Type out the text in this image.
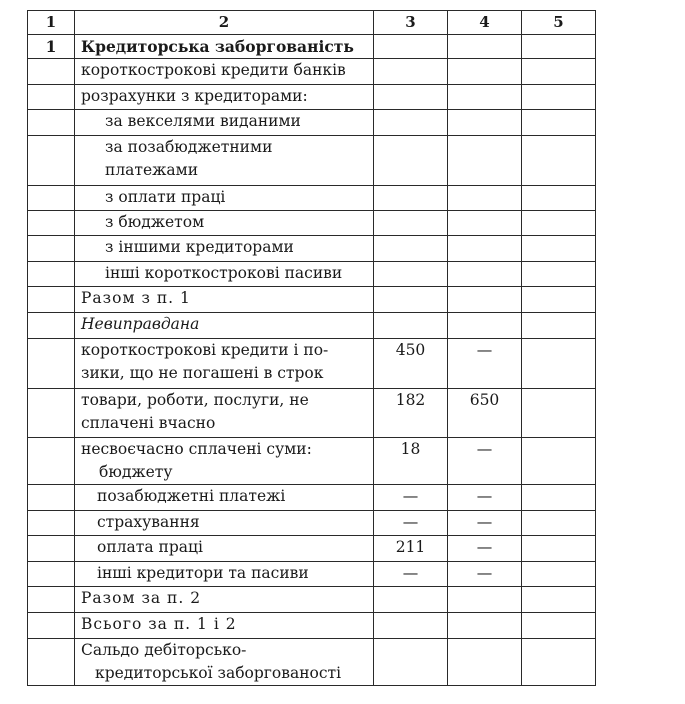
1	2	3	4	5
1	Кредиторська заборгованість			
	короткострокові кредити банків			
	розрахунки з кредиторами:			
	за векселями виданими			

	за позабюджетними
платежами			

	з оплати праці			
	з бюджетом			
	з іншими кредиторами			
	інші короткострокові пасиви			
	Разом з п. 1			
	Невиправдана			

	короткострокові кредити і по-
зики, що не погашені в строк	450	—	

	товари, роботи, послуги, не
сплачені вчасно	182	650	

	несвоєчасно сплачені суми:
бюджету	18	—	
	позабюджетні платежі	—	—	
	страхування	—	—	
	оплата праці	211	—	
	інші кредитори та пасиви	—	—	
	Разом за п. 2			
	Всього за п. 1 і 2			

	Сальдо дебіторсько-
кредиторської заборгованості			
